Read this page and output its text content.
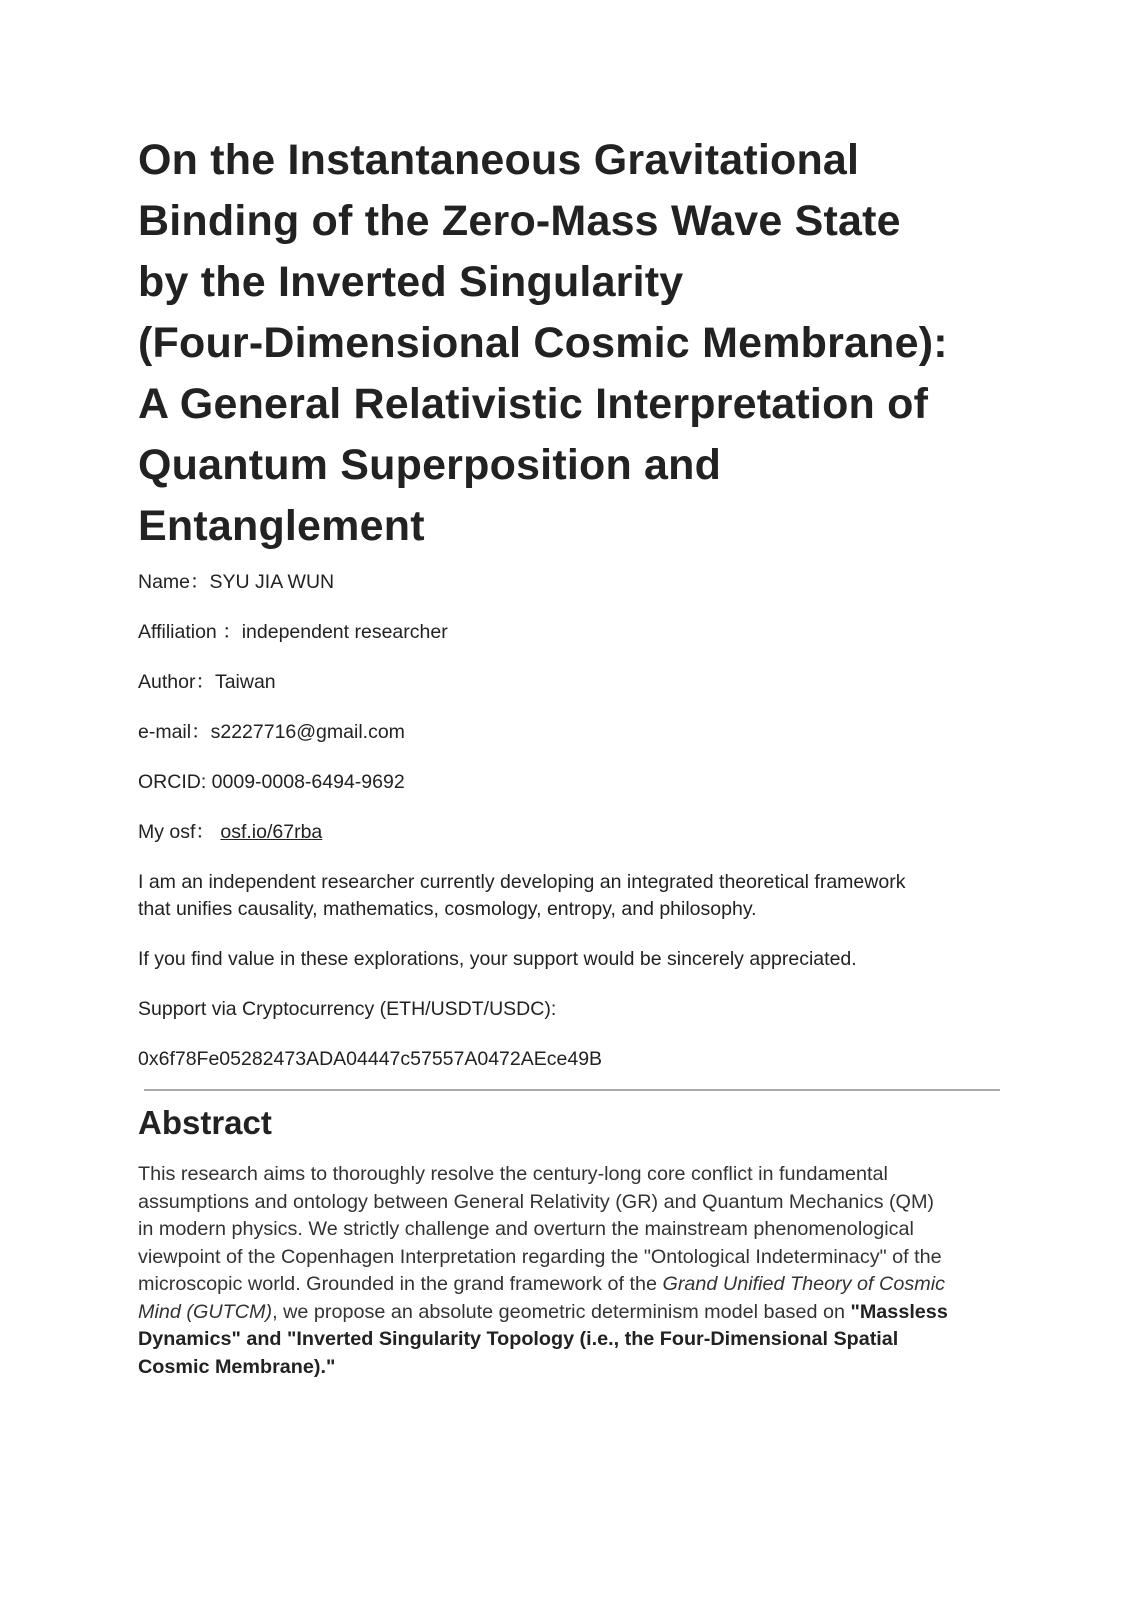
On the Instantaneous Gravitational
Binding of the Zero-Mass Wave State
by the Inverted Singularity
(Four-Dimensional Cosmic Membrane):
A General Relativistic Interpretation of
Quantum Superposition and
Entanglement
Name：SYU JIA WUN
Affiliation ：independent researcher
Author：Taiwan
e-mail：s2227716@gmail.com
ORCID: 0009-0008-6494-9692
My osf： osf.io/67rba
I am an independent researcher currently developing an integrated theoretical framework
that unifies causality, mathematics, cosmology, entropy, and philosophy.
If you find value in these explorations, your support would be sincerely appreciated.
Support via Cryptocurrency (ETH/USDT/USDC):
0x6f78Fe05282473ADA04447c57557A0472AEce49B
Abstract
This research aims to thoroughly resolve the century-long core conflict in fundamental
assumptions and ontology between General Relativity (GR) and Quantum Mechanics (QM)
in modern physics. We strictly challenge and overturn the mainstream phenomenological
viewpoint of the Copenhagen Interpretation regarding the "Ontological Indeterminacy" of the
microscopic world. Grounded in the grand framework of the Grand Unified Theory of Cosmic
Mind (GUTCM), we propose an absolute geometric determinism model based on "Massless
Dynamics" and "Inverted Singularity Topology (i.e., the Four-Dimensional Spatial
Cosmic Membrane)."
